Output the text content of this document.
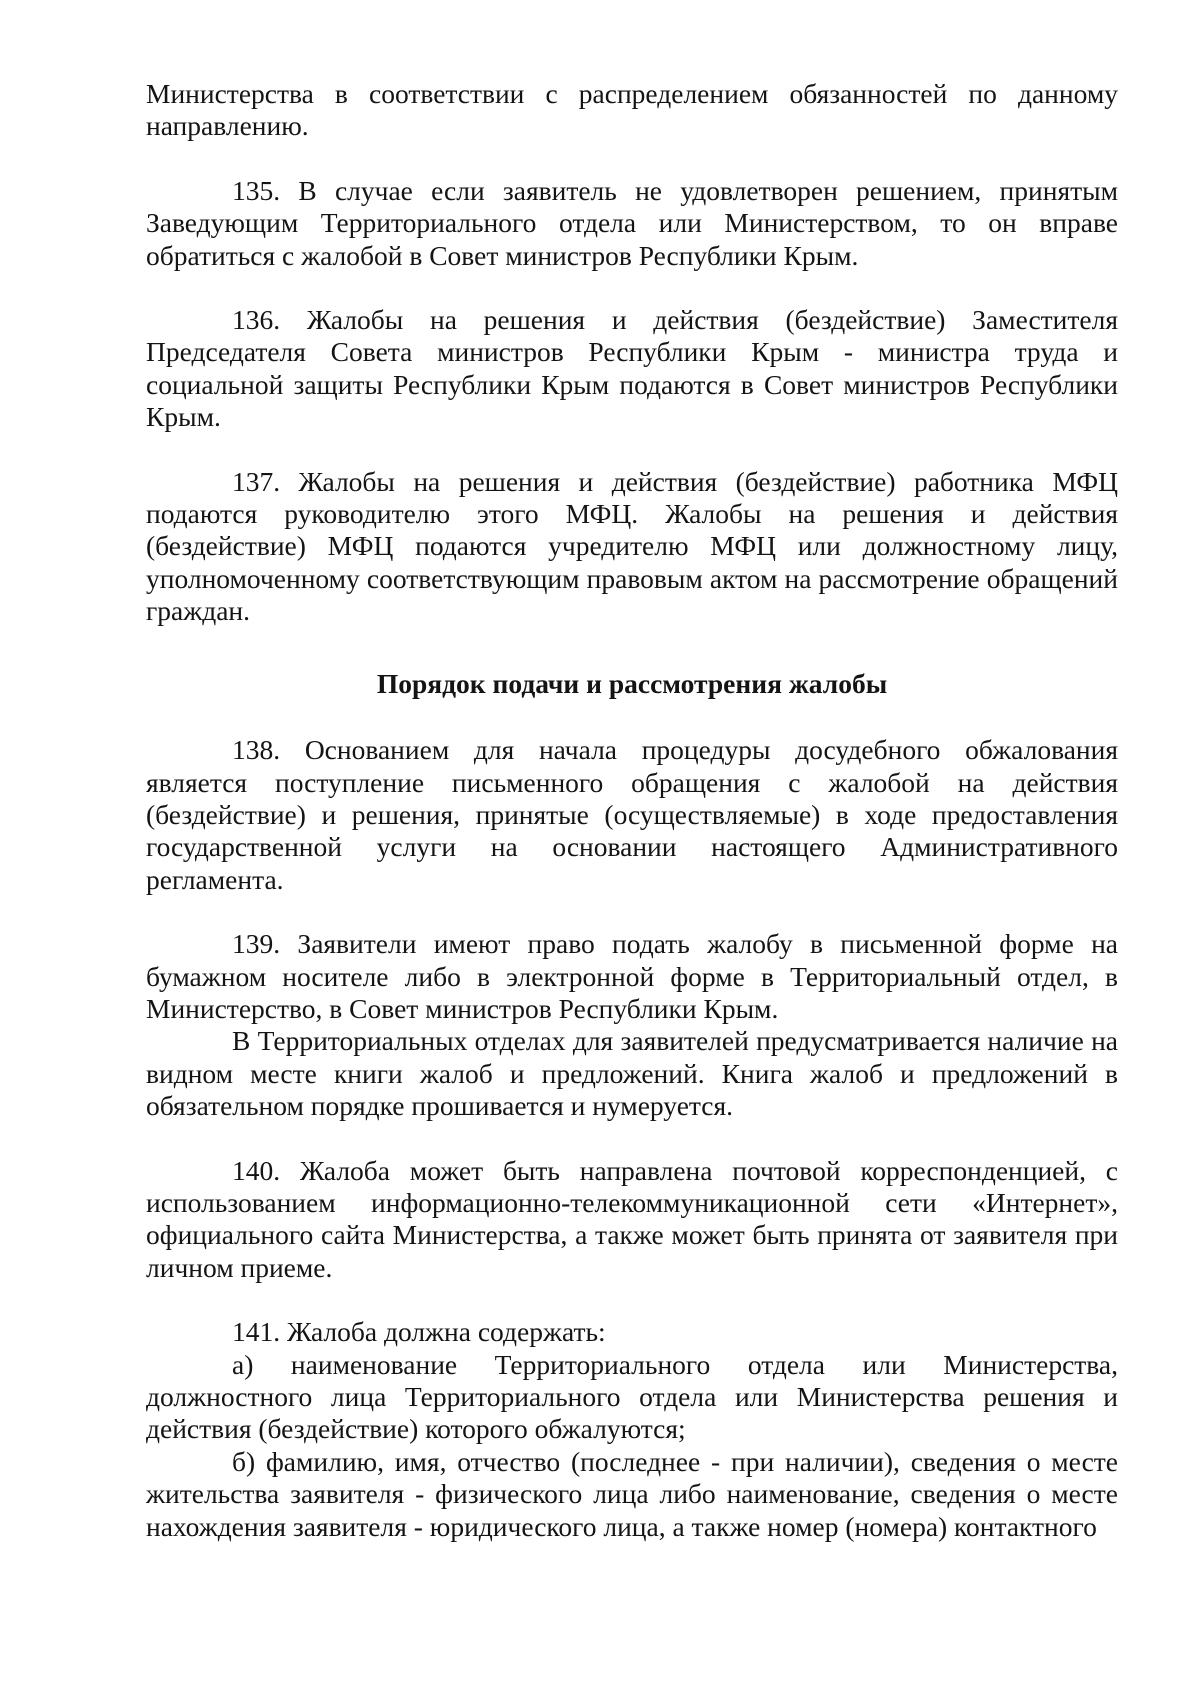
Министерства в соответствии с распределением обязанностей по данному направлению.

135. В случае если заявитель не удовлетворен решением, принятым Заведующим Территориального отдела или Министерством, то он вправе обратиться с жалобой в Совет министров Республики Крым.

136. Жалобы на решения и действия (бездействие) Заместителя Председателя Совета министров Республики Крым - министра труда и социальной защиты Республики Крым подаются в Совет министров Республики Крым.

137. Жалобы на решения и действия (бездействие) работника МФЦ подаются руководителю этого МФЦ. Жалобы на решения и действия (бездействие) МФЦ подаются учредителю МФЦ или должностному лицу, уполномоченному соответствующим правовым актом на рассмотрение обращений граждан.

Порядок подачи и рассмотрения жалобы

138. Основанием для начала процедуры досудебного обжалования является поступление письменного обращения с жалобой на действия (бездействие) и решения, принятые (осуществляемые) в ходе предоставления государственной услуги на основании настоящего Административного регламента.

139. Заявители имеют право подать жалобу в письменной форме на бумажном носителе либо в электронной форме в Территориальный отдел, в Министерство, в Совет министров Республики Крым.

В Территориальных отделах для заявителей предусматривается наличие на видном месте книги жалоб и предложений. Книга жалоб и предложений в обязательном порядке прошивается и нумеруется.

140. Жалоба может быть направлена почтовой корреспонденцией, с использованием информационно-телекоммуникационной сети «Интернет», официального сайта Министерства, а также может быть принята от заявителя при личном приеме.

141. Жалоба должна содержать:

а) наименование Территориального отдела или Министерства, должностного лица Территориального отдела или Министерства решения и действия (бездействие) которого обжалуются;

б) фамилию, имя, отчество (последнее - при наличии), сведения о месте жительства заявителя - физического лица либо наименование, сведения о месте нахождения заявителя - юридического лица, а также номер (номера) контактного
